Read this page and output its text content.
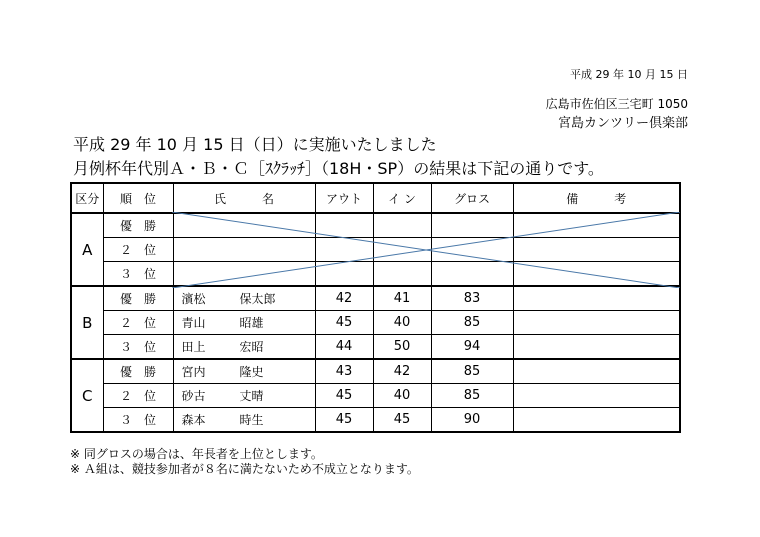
平成 29 年 10 月 15 日
広島市佐伯区三宅町 1050
宮島カンツリー倶楽部
平成 29 年 10 月 15 日（日）に実施いたしました
月例杯年代別Ａ・Ｂ・Ｃ［ｽｸﾗｯﾁ］（18H・SP）の結果は下記の通りです。
区分	順　位	氏　　　名	アウト	イ ン	グロス	備　　　考
A	優　勝					
	２　位					
	３　位					
B	優　勝	濱松 保太郎	42	41	83	
	２　位	青山 昭雄	45	40	85	
	３　位	田上 宏昭	44	50	94	
C	優　勝	宮内 隆史	43	42	85	
	２　位	砂古 丈晴	45	40	85	
	３　位	森本 時生	45	45	90	
※ 同グロスの場合は、年長者を上位とします。
※ Ａ組は、競技参加者が８名に満たないため不成立となります。
